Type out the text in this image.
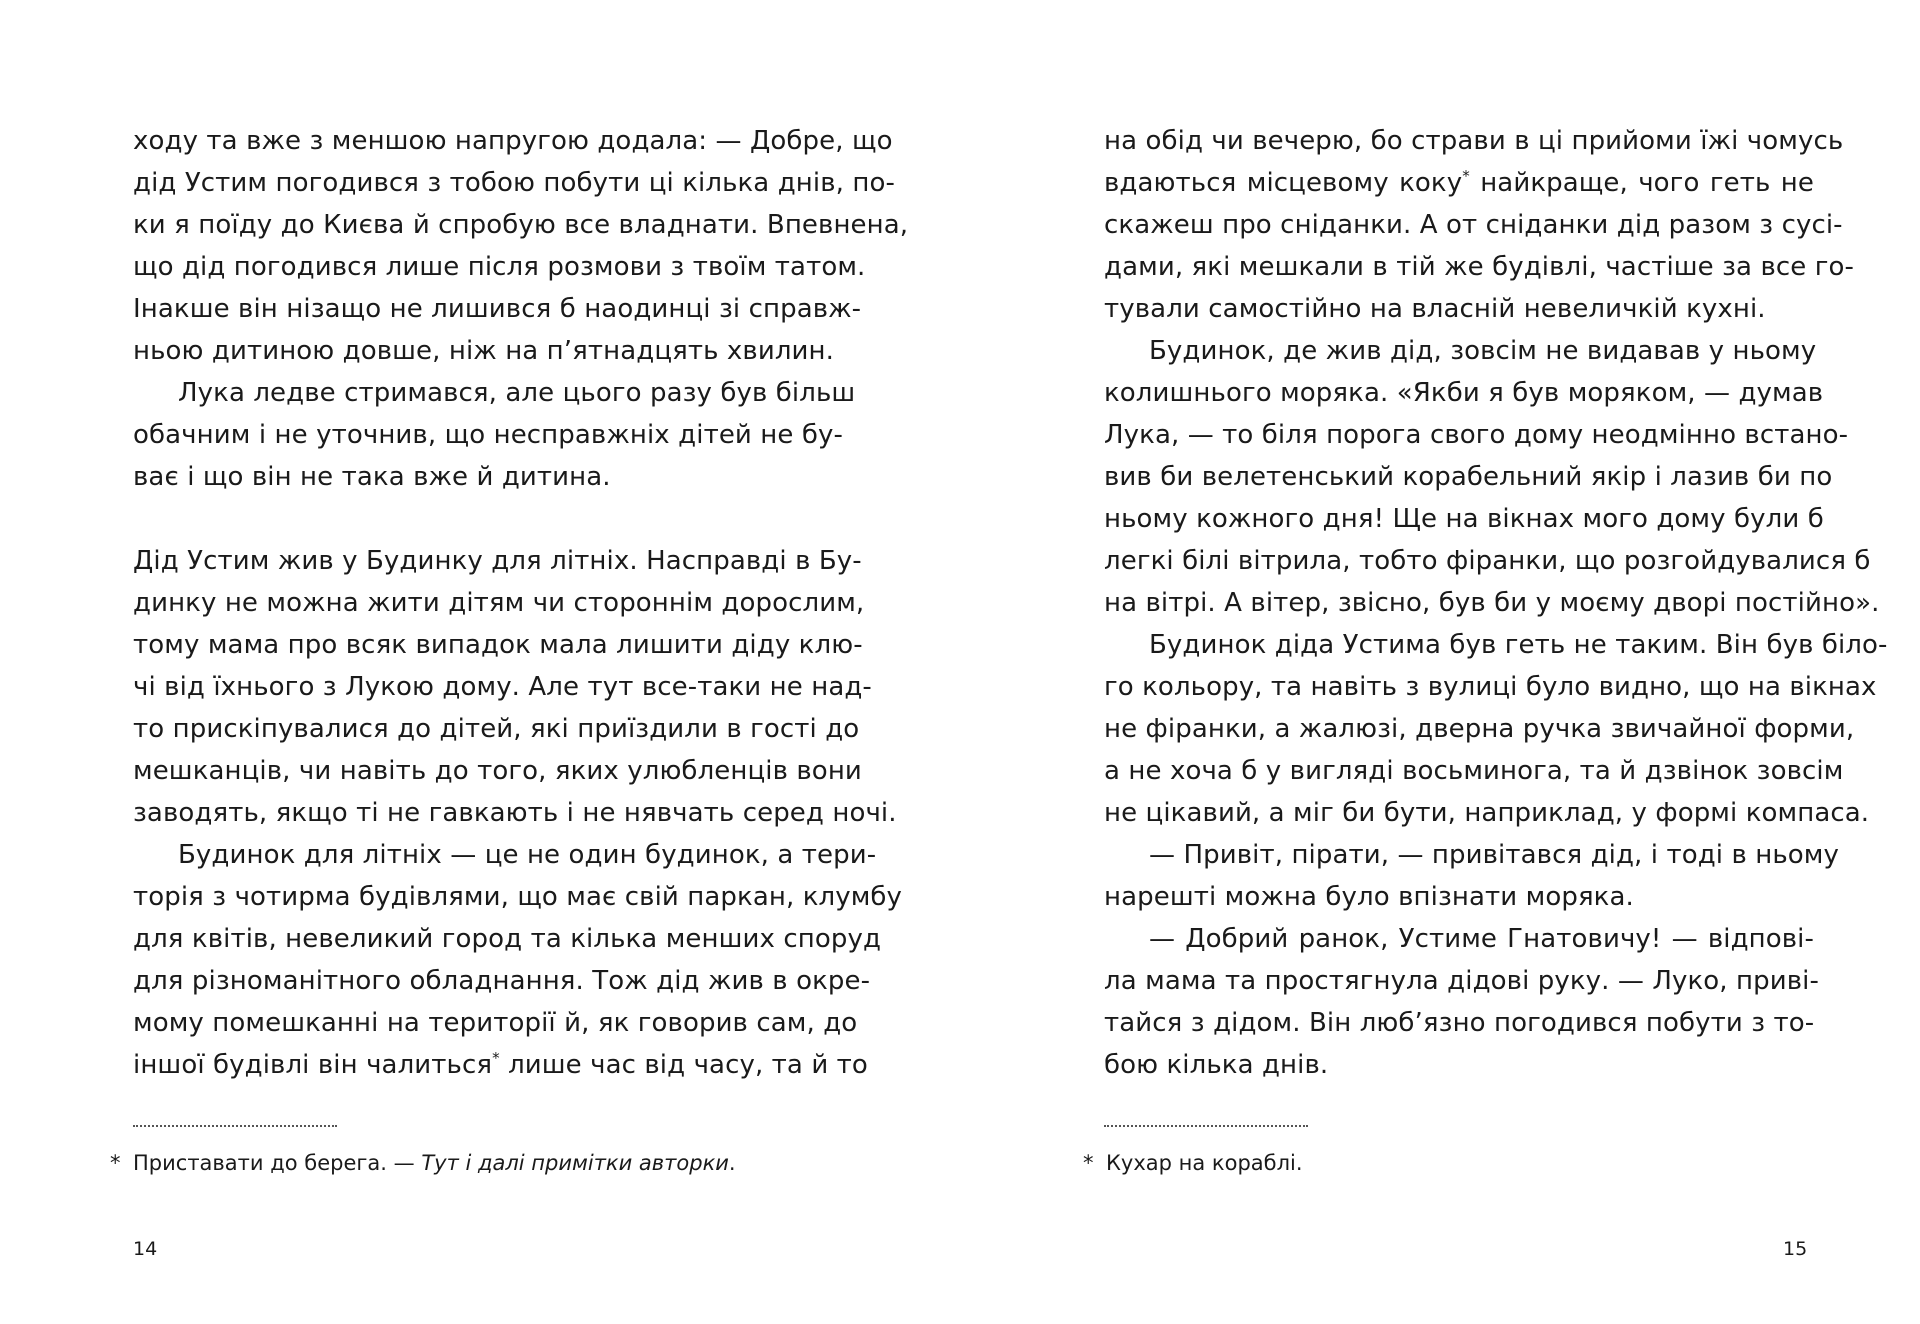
ходу та вже з меншою напругою додала: — Добре, що
дід Устим погодився з тобою побути ці кілька днів, по-
ки я поїду до Києва й спробую все владнати. Впевнена,
що дід погодився лише після розмови з твоїм татом.
Інакше він нізащо не лишився б наодинці зі справж-
ньою дитиною довше, ніж на п’ятнадцять хвилин.
Лука ледве стримався, але цього разу був більш
обачним і не уточнив, що несправжніх дітей не бу-
ває і що він не така вже й дитина.
Дід Устим жив у Будинку для літніх. Насправді в Бу-
динку не можна жити дітям чи стороннім дорослим,
тому мама про всяк випадок мала лишити діду клю-
чі від їхнього з Лукою дому. Але тут все-таки не над-
то прискіпувалися до дітей, які приїздили в гості до
мешканців, чи навіть до того, яких улюбленців вони
заводять, якщо ті не гавкають і не нявчать серед ночі.
Будинок для літніх — це не один будинок, а тери-
торія з чотирма будівлями, що має свій паркан, клумбу
для квітів, невеликий город та кілька менших споруд
для різноманітного обладнання. Тож дід жив в окре-
мому помешканні на території й, як говорив сам, до
іншої будівлі він чалиться* лише час від часу, та й то
* Приставати до берега. — Тут і далі примітки авторки.
14
на обід чи вечерю, бо страви в ці прийоми їжі чомусь
вдаються місцевому коку* найкраще, чого геть не
скажеш про сніданки. А от сніданки дід разом з сусі-
дами, які мешкали в тій же будівлі, частіше за все го-
тували самостійно на власній невеличкій кухні.
Будинок, де жив дід, зовсім не видавав у ньому
колишнього моряка. «Якби я був моряком, — думав
Лука, — то біля порога свого дому неодмінно встано-
вив би велетенський корабельний якір і лазив би по
ньому кожного дня! Ще на вікнах мого дому були б
легкі білі вітрила, тобто фіранки, що розгойдувалися б
на вітрі. А вітер, звісно, був би у моєму дворі постійно».
Будинок діда Устима був геть не таким. Він був біло-
го кольору, та навіть з вулиці було видно, що на вікнах
не фіранки, а жалюзі, дверна ручка звичайної форми,
а не хоча б у вигляді восьминога, та й дзвінок зовсім
не цікавий, а міг би бути, наприклад, у формі компаса.
— Привіт, пірати, — привітався дід, і тоді в ньому
нарешті можна було впізнати моряка.
— Добрий ранок, Устиме Гнатовичу! — відпові-
ла мама та простягнула дідові руку. — Луко, приві-
тайся з дідом. Він люб’язно погодився побути з то-
бою кілька днів.
* Кухар на кораблі.
15
